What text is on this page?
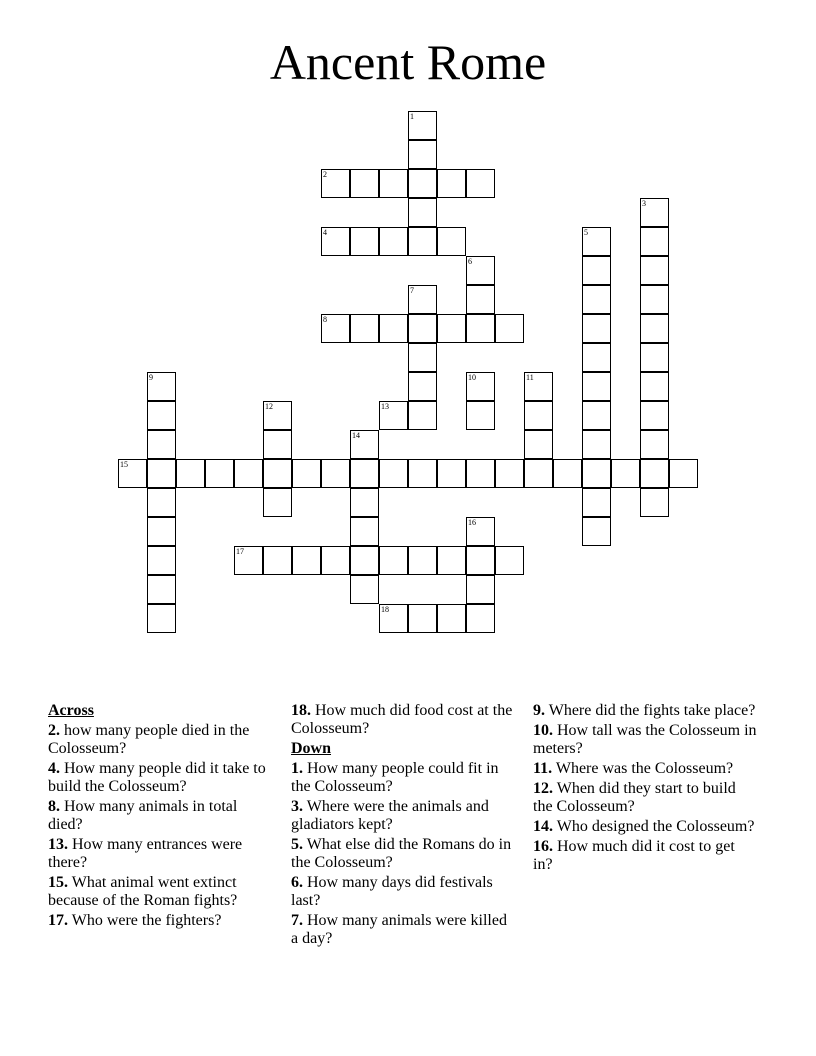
Ancent Rome
1
2
3
4	5
6
7
8
9	10	11
12	13
14
15
16
17
18
Across
2. how many people died in the Colosseum?
4. How many people did it take to build the Colosseum?
8. How many animals in total died?
13. How many entrances were there?
15. What animal went extinct because of the Roman fights?
17. Who were the fighters?
18. How much did food cost at the Colosseum?
Down
1. How many people could fit in the Colosseum?
3. Where were the animals and gladiators kept?
5. What else did the Romans do in the Colosseum?
6. How many days did festivals last?
7. How many animals were killed a day?
9. Where did the fights take place?
10. How tall was the Colosseum in meters?
11. Where was the Colosseum?
12. When did they start to build the Colosseum?
14. Who designed the Colosseum?
16. How much did it cost to get in?
